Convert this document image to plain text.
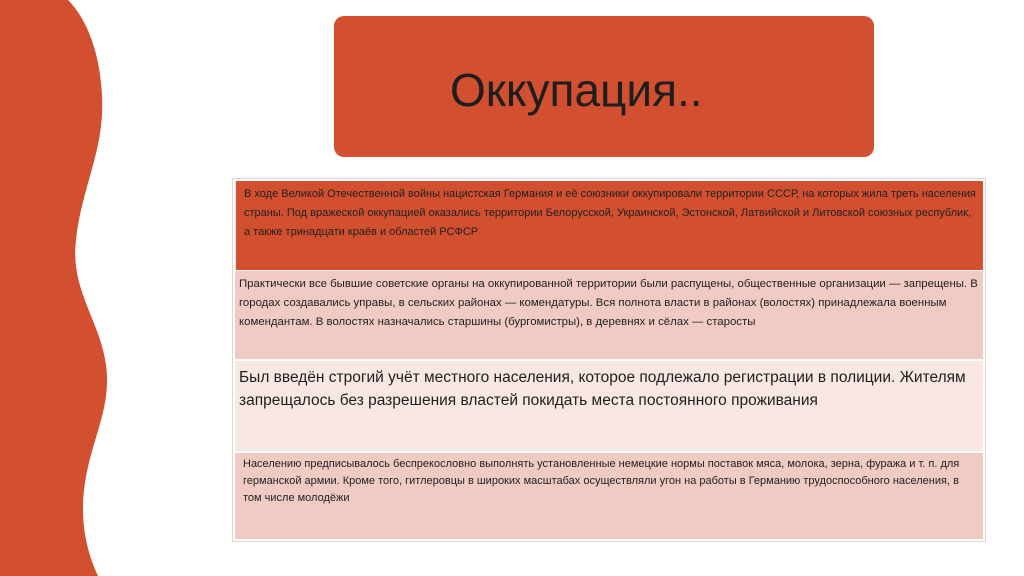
Оккупация..
В ходе Великой Отечественной войны нацистская Германия и её союзники оккупировали территории СССР, на которых жила треть населения страны. Под вражеской оккупацией оказались территории Белорусской, Украинской, Эстонской, Латвийской и Литовской союзных республик, а также тринадцати краёв и областей РСФСР
Практически все бывшие советские органы на оккупированной территории были распущены, общественные организации — запрещены. В городах создавались управы, в сельских районах — комендатуры. Вся полнота власти в районах (волостях) принадлежала военным комендантам. В волостях назначались старшины (бургомистры), в деревнях и сёлах — старосты
Был введён строгий учёт местного населения, которое подлежало регистрации в полиции. Жителям запрещалось без разрешения властей покидать места постоянного проживания
Населению предписывалось беспрекословно выполнять установленные немецкие нормы поставок мяса, молока, зерна, фуража и т. п. для германской армии. Кроме того, гитлеровцы в широких масштабах осуществляли угон на работы в Германию трудоспособного населения, в том числе молодёжи
